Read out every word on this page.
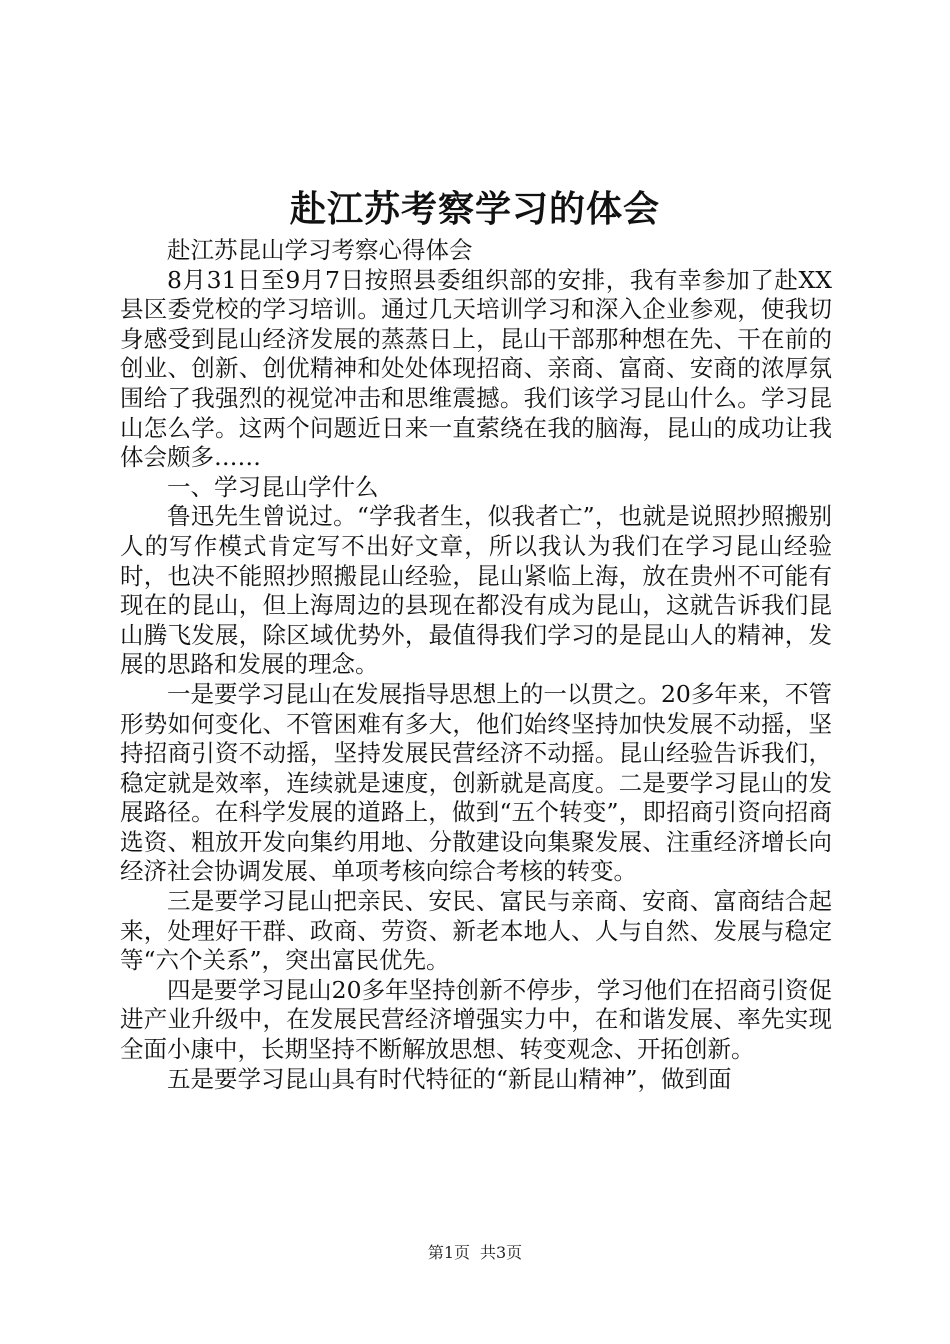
赴江苏考察学习的体会

赴江苏昆山学习考察心得体会

8月31日至9月7日按照县委组织部的安排，我有幸参加了赴XX县区委党校的学习培训。通过几天培训学习和深入企业参观，使我切身感受到昆山经济发展的蒸蒸日上，昆山干部那种想在先、干在前的创业、创新、创优精神和处处体现招商、亲商、富商、安商的浓厚氛围给了我强烈的视觉冲击和思维震撼。我们该学习昆山什么。学习昆山怎么学。这两个问题近日来一直萦绕在我的脑海，昆山的成功让我体会颇多……

一、学习昆山学什么

鲁迅先生曾说过。“学我者生，似我者亡”，也就是说照抄照搬别人的写作模式肯定写不出好文章，所以我认为我们在学习昆山经验时，也决不能照抄照搬昆山经验，昆山紧临上海，放在贵州不可能有现在的昆山，但上海周边的县现在都没有成为昆山，这就告诉我们昆山腾飞发展，除区域优势外，最值得我们学习的是昆山人的精神，发展的思路和发展的理念。

一是要学习昆山在发展指导思想上的一以贯之。20多年来，不管形势如何变化、不管困难有多大，他们始终坚持加快发展不动摇，坚持招商引资不动摇，坚持发展民营经济不动摇。昆山经验告诉我们，稳定就是效率，连续就是速度，创新就是高度。二是要学习昆山的发展路径。在科学发展的道路上，做到“五个转变”，即招商引资向招商选资、粗放开发向集约用地、分散建设向集聚发展、注重经济增长向经济社会协调发展、单项考核向综合考核的转变。

三是要学习昆山把亲民、安民、富民与亲商、安商、富商结合起来，处理好干群、政商、劳资、新老本地人、人与自然、发展与稳定等“六个关系”，突出富民优先。

四是要学习昆山20多年坚持创新不停步，学习他们在招商引资促进产业升级中，在发展民营经济增强实力中，在和谐发展、率先实现全面小康中，长期坚持不断解放思想、转变观念、开拓创新。

五是要学习昆山具有时代特征的“新昆山精神”，做到面

第1页 共3页
